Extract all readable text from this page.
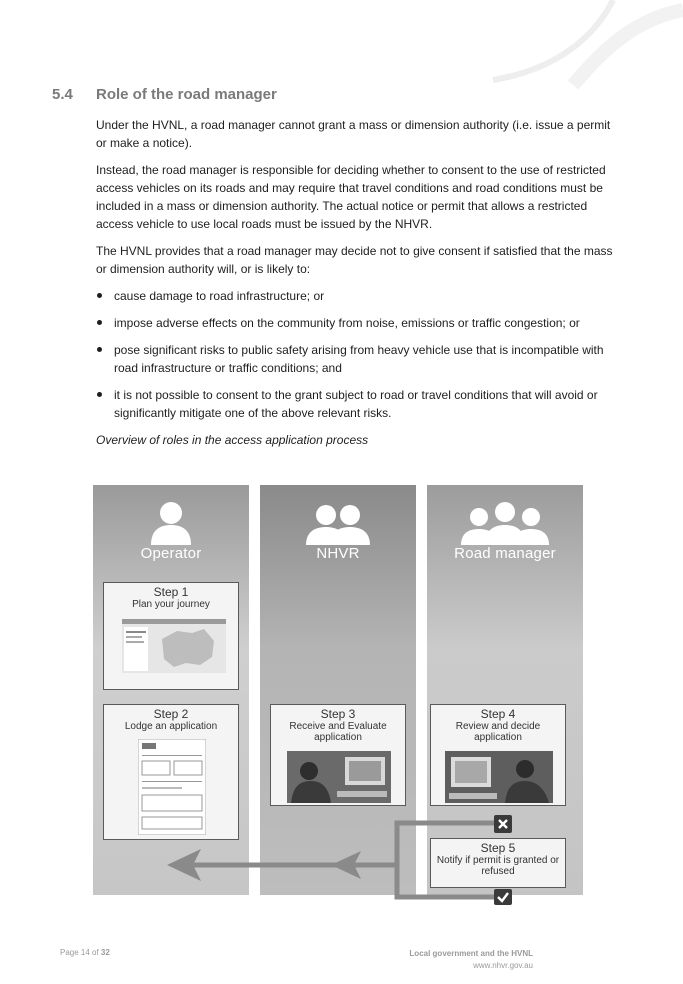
5.4 Role of the road manager

Under the HVNL, a road manager cannot grant a mass or dimension authority (i.e. issue a permit or make a notice).

Instead, the road manager is responsible for deciding whether to consent to the use of restricted access vehicles on its roads and may require that travel conditions and road conditions must be included in a mass or dimension authority. The actual notice or permit that allows a restricted access vehicle to use local roads must be issued by the NHVR.

The HVNL provides that a road manager may decide not to give consent if satisfied that the mass or dimension authority will, or is likely to:

cause damage to road infrastructure; or
impose adverse effects on the community from noise, emissions or traffic congestion; or
pose significant risks to public safety arising from heavy vehicle use that is incompatible with road infrastructure or traffic conditions; and
it is not possible to consent to the grant subject to road or travel conditions that will avoid or significantly mitigate one of the above relevant risks.

Overview of roles in the access application process

Operator
Step 1
Plan your journey
Step 2
Lodge an application
NHVR
Step 3
Receive and Evaluate application
Road manager
Step 4
Review and decide application
Step 5
Notify if permit is granted or refused
Page 14 of 32	Local government and the HVNL
www.nhvr.gov.au
